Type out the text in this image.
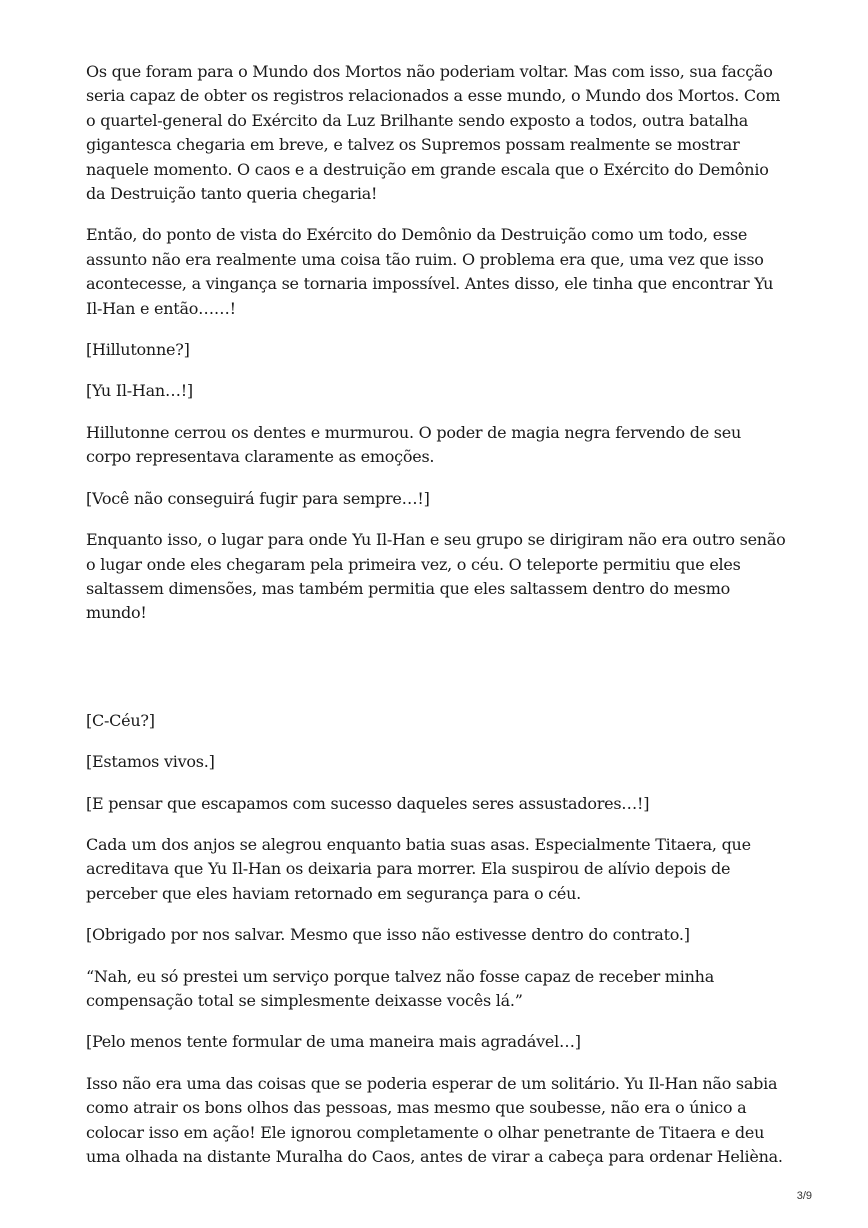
Os que foram para o Mundo dos Mortos não poderiam voltar. Mas com isso, sua facção seria capaz de obter os registros relacionados a esse mundo, o Mundo dos Mortos. Com o quartel-general do Exército da Luz Brilhante sendo exposto a todos, outra batalha gigantesca chegaria em breve, e talvez os Supremos possam realmente se mostrar naquele momento. O caos e a destruição em grande escala que o Exército do Demônio da Destruição tanto queria chegaria!

Então, do ponto de vista do Exército do Demônio da Destruição como um todo, esse assunto não era realmente uma coisa tão ruim. O problema era que, uma vez que isso acontecesse, a vingança se tornaria impossível. Antes disso, ele tinha que encontrar Yu Il-Han e então……!

[Hillutonne?]

[Yu Il-Han…!]

Hillutonne cerrou os dentes e murmurou. O poder de magia negra fervendo de seu corpo representava claramente as emoções.

[Você não conseguirá fugir para sempre…!]

Enquanto isso, o lugar para onde Yu Il-Han e seu grupo se dirigiram não era outro senão o lugar onde eles chegaram pela primeira vez, o céu. O teleporte permitiu que eles saltassem dimensões, mas também permitia que eles saltassem dentro do mesmo mundo!

[C-Céu?]

[Estamos vivos.]

[E pensar que escapamos com sucesso daqueles seres assustadores…!]

Cada um dos anjos se alegrou enquanto batia suas asas. Especialmente Titaera, que acreditava que Yu Il-Han os deixaria para morrer. Ela suspirou de alívio depois de perceber que eles haviam retornado em segurança para o céu.

[Obrigado por nos salvar. Mesmo que isso não estivesse dentro do contrato.]

“Nah, eu só prestei um serviço porque talvez não fosse capaz de receber minha compensação total se simplesmente deixasse vocês lá.”

[Pelo menos tente formular de uma maneira mais agradável…]

Isso não era uma das coisas que se poderia esperar de um solitário. Yu Il-Han não sabia como atrair os bons olhos das pessoas, mas mesmo que soubesse, não era o único a colocar isso em ação! Ele ignorou completamente o olhar penetrante de Titaera e deu uma olhada na distante Muralha do Caos, antes de virar a cabeça para ordenar Helièna.

3/9
